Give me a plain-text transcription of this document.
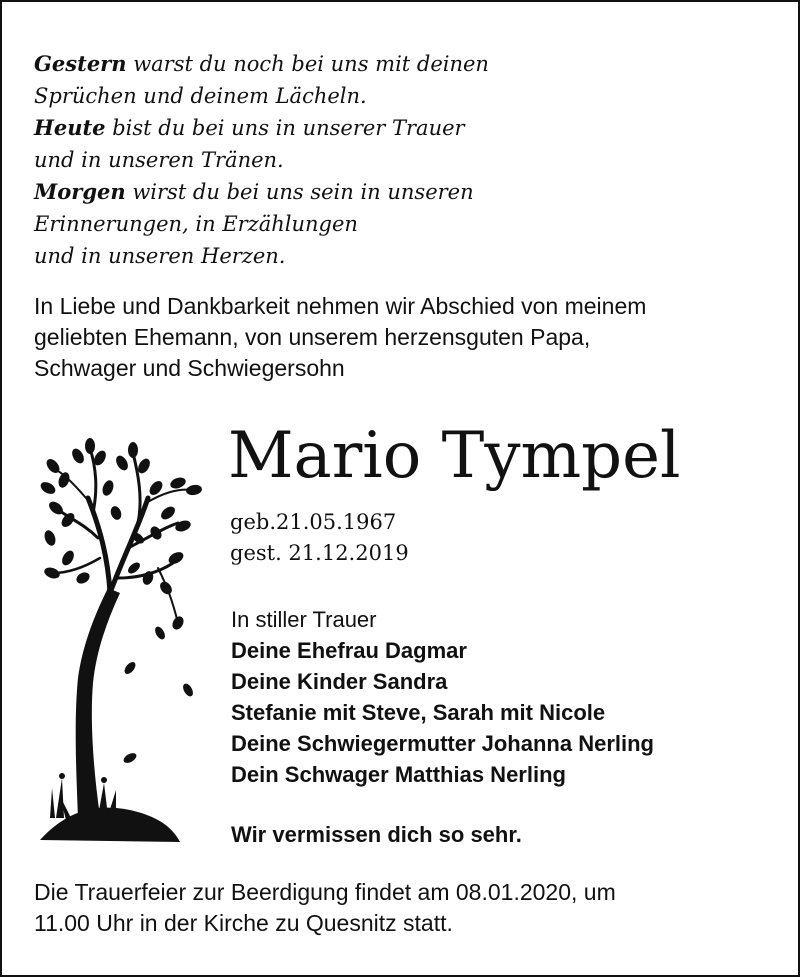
Gestern warst du noch bei uns mit deinen
Sprüchen und deinem Lächeln.
Heute bist du bei uns in unserer Trauer
und in unseren Tränen.
Morgen wirst du bei uns sein in unseren
Erinnerungen, in Erzählungen
und in unseren Herzen.
In Liebe und Dankbarkeit nehmen wir Abschied von meinem
geliebten Ehemann, von unserem herzensguten Papa,
Schwager und Schwiegersohn
Mario Tympel
geb.21.05.1967
gest. 21.12.2019
In stiller Trauer
Deine Ehefrau Dagmar
Deine Kinder Sandra
Stefanie mit Steve, Sarah mit Nicole
Deine Schwiegermutter Johanna Nerling
Dein Schwager Matthias Nerling
Wir vermissen dich so sehr.
Die Trauerfeier zur Beerdigung findet am 08.01.2020, um
11.00 Uhr in der Kirche zu Quesnitz statt.
